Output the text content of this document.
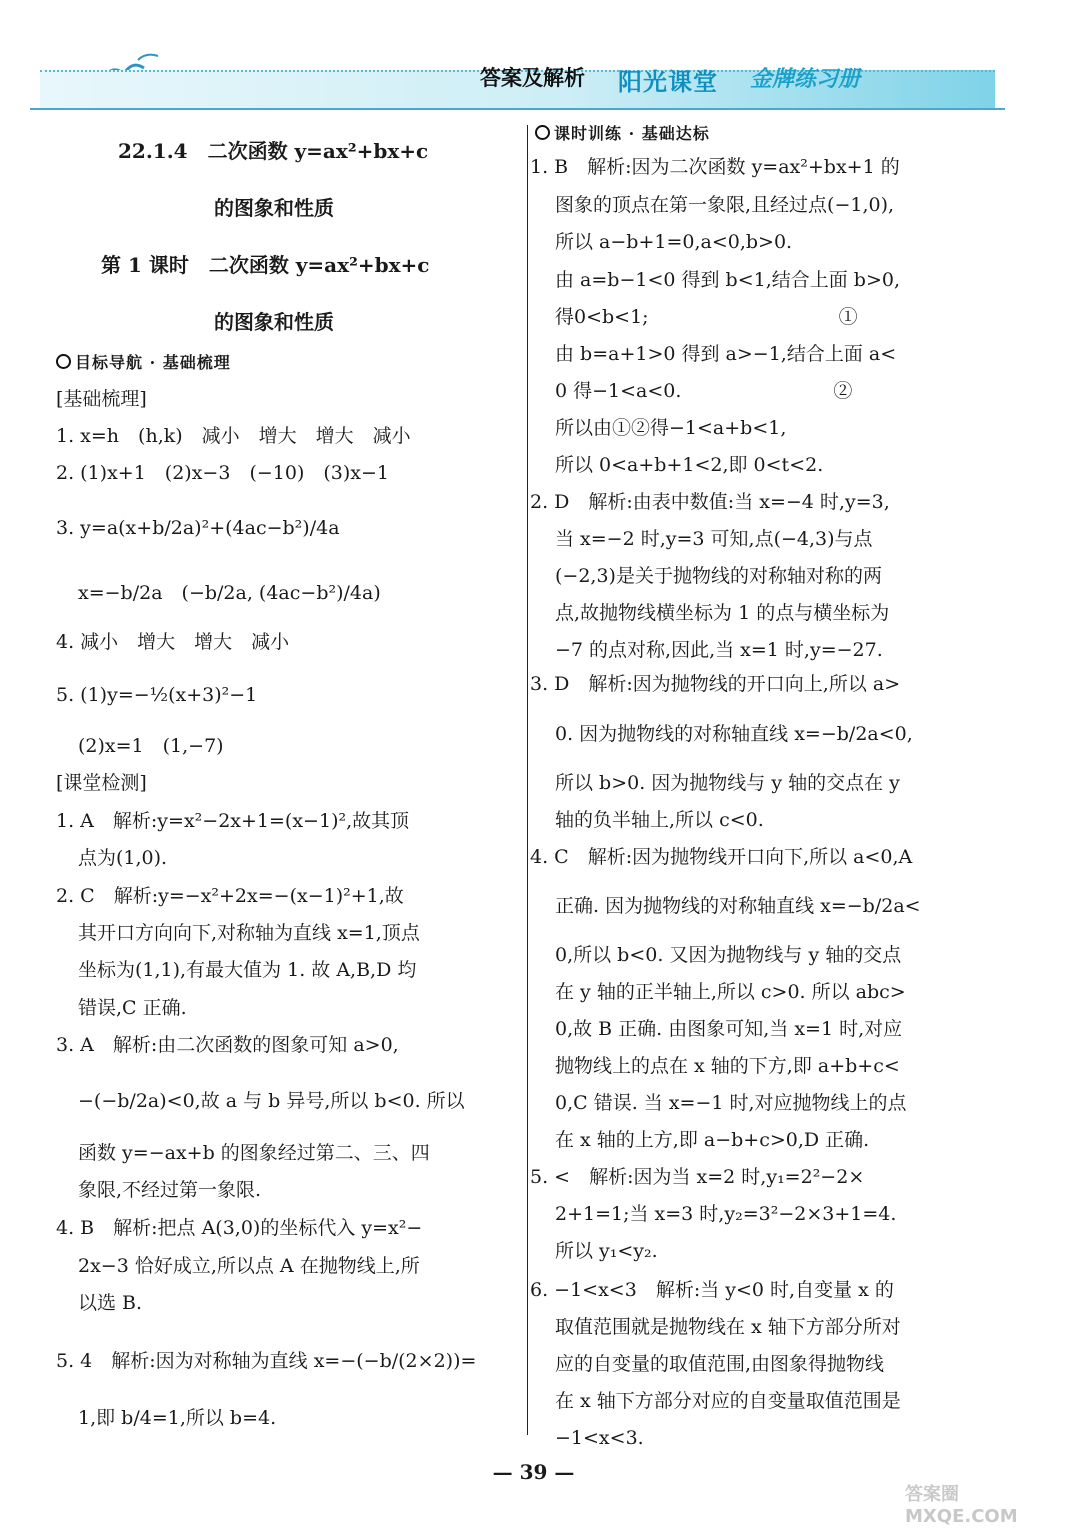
答案及解析 阳光课堂 金牌练习册
22.1.4　二次函数 y=ax²+bx+c
的图象和性质
第 1 课时　二次函数 y=ax²+bx+c
的图象和性质
目标导航 · 基础梳理
[基础梳理]
1. x=h　(h,k)　减小　增大　增大　减小
2. (1)x+1　(2)x−3　(−10)　(3)x−1
3. y=a(x+b/2a)²+(4ac−b²)/4a
x=−b/2a　(−b/2a, (4ac−b²)/4a)
4. 减小　增大　增大　减小
5. (1)y=−½(x+3)²−1
(2)x=1　(1,−7)
[课堂检测]
1. A　解析:y=x²−2x+1=(x−1)²,故其顶
点为(1,0).
2. C　解析:y=−x²+2x=−(x−1)²+1,故
其开口方向向下,对称轴为直线 x=1,顶点
坐标为(1,1),有最大值为 1. 故 A,B,D 均
错误,C 正确.
3. A　解析:由二次函数的图象可知 a>0,
−(−b/2a)<0,故 a 与 b 异号,所以 b<0. 所以
函数 y=−ax+b 的图象经过第二、三、四
象限,不经过第一象限.
4. B　解析:把点 A(3,0)的坐标代入 y=x²−
2x−3 恰好成立,所以点 A 在抛物线上,所
以选 B.
5. 4　解析:因为对称轴为直线 x=−(−b/(2×2))=
1,即 b/4=1,所以 b=4.
课时训练 · 基础达标
1. B　解析:因为二次函数 y=ax²+bx+1 的
图象的顶点在第一象限,且经过点(−1,0),
所以 a−b+1=0,a<0,b>0.
由 a=b−1<0 得到 b<1,结合上面 b>0,
得0<b<1;　　　　　　　　　　①
由 b=a+1>0 得到 a>−1,结合上面 a<
0 得−1<a<0.　　　　　　　　②
所以由①②得−1<a+b<1,
所以 0<a+b+1<2,即 0<t<2.
2. D　解析:由表中数值:当 x=−4 时,y=3,
当 x=−2 时,y=3 可知,点(−4,3)与点
(−2,3)是关于抛物线的对称轴对称的两
点,故抛物线横坐标为 1 的点与横坐标为
−7 的点对称,因此,当 x=1 时,y=−27.
3. D　解析:因为抛物线的开口向上,所以 a>
0. 因为抛物线的对称轴直线 x=−b/2a<0,
所以 b>0. 因为抛物线与 y 轴的交点在 y
轴的负半轴上,所以 c<0.
4. C　解析:因为抛物线开口向下,所以 a<0,A
正确. 因为抛物线的对称轴直线 x=−b/2a<
0,所以 b<0. 又因为抛物线与 y 轴的交点
在 y 轴的正半轴上,所以 c>0. 所以 abc>
0,故 B 正确. 由图象可知,当 x=1 时,对应
抛物线上的点在 x 轴的下方,即 a+b+c<
0,C 错误. 当 x=−1 时,对应抛物线上的点
在 x 轴的上方,即 a−b+c>0,D 正确.
5. <　解析:因为当 x=2 时,y₁=2²−2×
2+1=1;当 x=3 时,y₂=3²−2×3+1=4.
所以 y₁<y₂.
6. −1<x<3　解析:当 y<0 时,自变量 x 的
取值范围就是抛物线在 x 轴下方部分所对
应的自变量的取值范围,由图象得抛物线
在 x 轴下方部分对应的自变量取值范围是
−1<x<3.
— 39 —
答案圈 MXQE.COM
